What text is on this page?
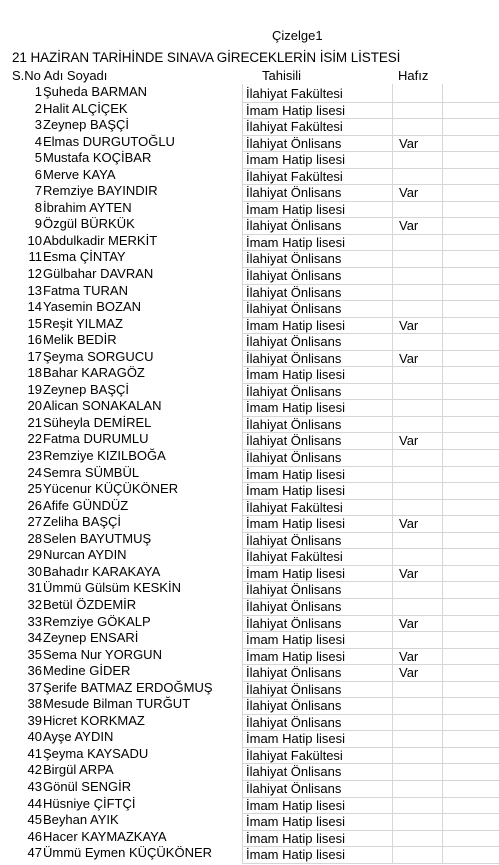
Çizelge1
21 HAZİRAN TARİHİNDE SINAVA GİRECEKLERİN İSİM LİSTESİ
S.No Adı Soyadı	Tahisili	Hafız
1 Şuheda BARMAN	İlahiyat Fakültesi
2 Halit ALÇİÇEK	İmam Hatip lisesi
3 Zeynep BAŞÇİ	İlahiyat Fakültesi
4 Elmas DURGUTOĞLU	İlahiyat Önlisans	Var
5 Mustafa KOÇİBAR	İmam Hatip lisesi
6 Merve KAYA	İlahiyat Fakültesi
7 Remziye BAYINDIR	İlahiyat Önlisans	Var
8 İbrahim AYTEN	İmam Hatip lisesi
9 Özgül BÜRKÜK	İlahiyat Önlisans	Var
10 Abdulkadir MERKİT	İmam Hatip lisesi
11 Esma ÇİNTAY	İlahiyat Önlisans
12 Gülbahar DAVRAN	İlahiyat Önlisans
13 Fatma TURAN	İlahiyat Önlisans
14 Yasemin BOZAN	İlahiyat Önlisans
15 Reşit YILMAZ	İmam Hatip lisesi	Var
16 Melik BEDİR	İlahiyat Önlisans
17 Şeyma SORGUCU	İlahiyat Önlisans	Var
18 Bahar KARAGÖZ	İmam Hatip lisesi
19 Zeynep BAŞÇİ	İlahiyat Önlisans
20 Alican SONAKALAN	İmam Hatip lisesi
21 Süheyla DEMİREL	İlahiyat Önlisans
22 Fatma DURUMLU	İlahiyat Önlisans	Var
23 Remziye KIZILBOĞA	İlahiyat Önlisans
24 Semra SÜMBÜL	İmam Hatip lisesi
25 Yücenur KÜÇÜKÖNER	İmam Hatip lisesi
26 Afife GÜNDÜZ	İlahiyat Fakültesi
27 Zeliha BAŞÇİ	İmam Hatip lisesi	Var
28 Selen BAYUTMUŞ	İlahiyat Önlisans
29 Nurcan AYDIN	İlahiyat Fakültesi
30 Bahadır KARAKAYA	İmam Hatip lisesi	Var
31 Ümmü Gülsüm KESKİN	İlahiyat Önlisans
32 Betül ÖZDEMİR	İlahiyat Önlisans
33 Remziye GÖKALP	İlahiyat Önlisans	Var
34 Zeynep ENSARİ	İmam Hatip lisesi
35 Sema Nur YORGUN	İmam Hatip lisesi	Var
36 Medine GİDER	İlahiyat Önlisans	Var
37 Şerife BATMAZ ERDOĞMUŞ	İlahiyat Önlisans
38 Mesude Bilman TURĞUT	İlahiyat Önlisans
39 Hicret KORKMAZ	İlahiyat Önlisans
40 Ayşe AYDIN	İmam Hatip lisesi
41 Şeyma KAYSADU	İlahiyat Fakültesi
42 Birgül ARPA	İlahiyat Önlisans
43 Gönül SENGİR	İlahiyat Önlisans
44 Hüsniye ÇİFTÇİ	İmam Hatip lisesi
45 Beyhan AYIK	İmam Hatip lisesi
46 Hacer KAYMAZKAYA	İmam Hatip lisesi
47 Ümmü Eymen KÜÇÜKÖNER	İmam Hatip lisesi
